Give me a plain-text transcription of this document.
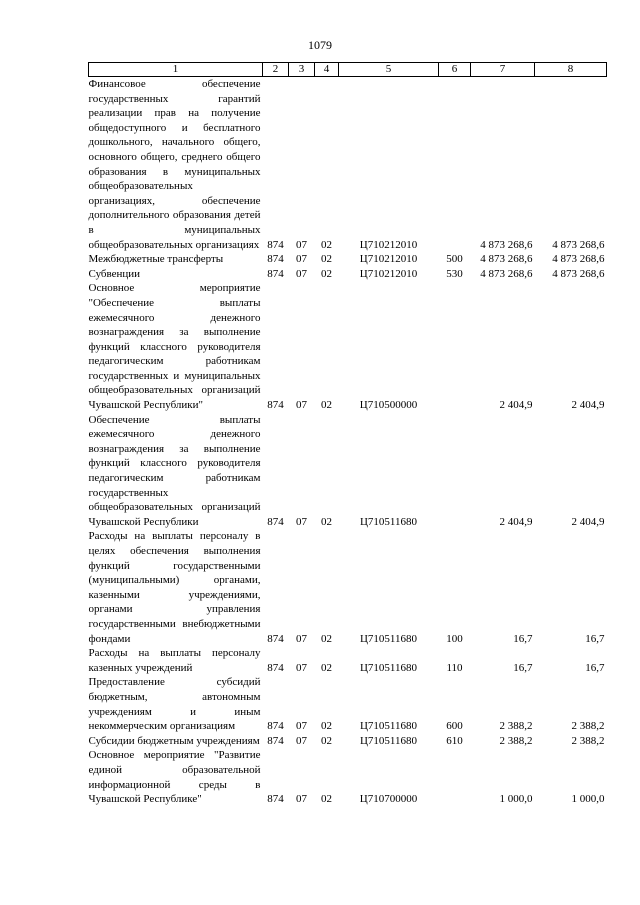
1079
1	2	3	4	5	6	7	8
Финансовое обеспечение государственных гарантий реализации прав на получение общедоступного и бесплатного дошкольного, начального общего, основного общего, среднего общего образования в муниципальных общеобразовательных организациях, обеспечение дополнительного образования детей в муниципальных общеобразовательных организациях	874	07	02	Ц710212010		4 873 268,6	4 873 268,6
Межбюджетные трансферты	874	07	02	Ц710212010	500	4 873 268,6	4 873 268,6
Субвенции	874	07	02	Ц710212010	530	4 873 268,6	4 873 268,6
Основное мероприятие "Обеспечение выплаты ежемесячного денежного вознаграждения за выполнение функций классного руководителя педагогическим работникам государственных и муниципальных общеобразовательных организаций Чувашской Республики"	874	07	02	Ц710500000		2 404,9	2 404,9
Обеспечение выплаты ежемесячного денежного вознаграждения за выполнение функций классного руководителя педагогическим работникам государственных общеобразовательных организаций Чувашской Республики	874	07	02	Ц710511680		2 404,9	2 404,9
Расходы на выплаты персоналу в целях обеспечения выполнения функций государственными (муниципальными) органами, казенными учреждениями, органами управления государственными внебюджетными фондами	874	07	02	Ц710511680	100	16,7	16,7
Расходы на выплаты персоналу казенных учреждений	874	07	02	Ц710511680	110	16,7	16,7
Предоставление субсидий бюджетным, автономным учреждениям и иным некоммерческим организациям	874	07	02	Ц710511680	600	2 388,2	2 388,2
Субсидии бюджетным учреждениям	874	07	02	Ц710511680	610	2 388,2	2 388,2
Основное мероприятие "Развитие единой образовательной информационной среды в Чувашской Республике"	874	07	02	Ц710700000		1 000,0	1 000,0
